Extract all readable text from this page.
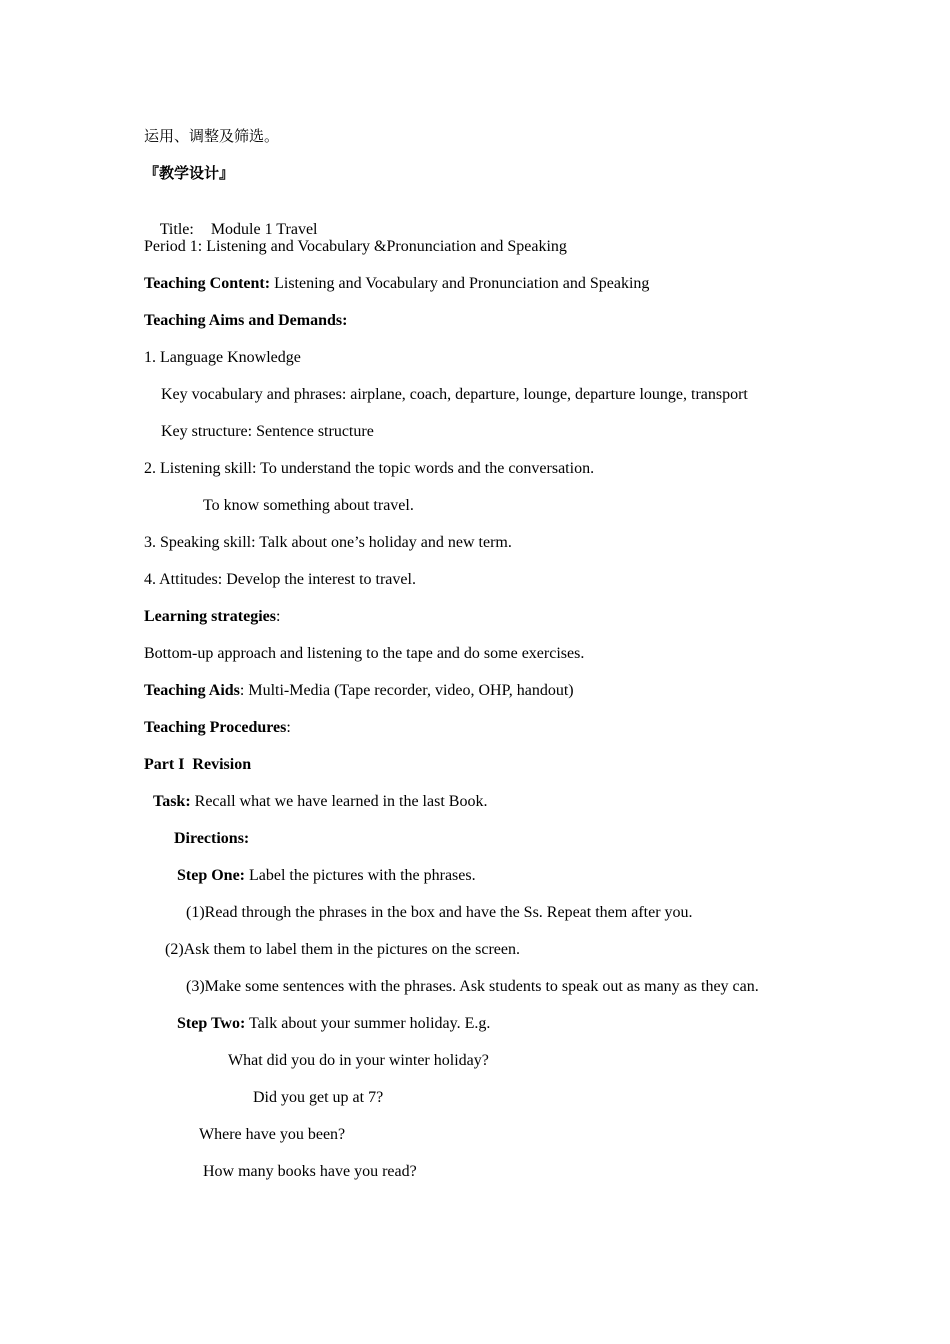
运用、调整及筛选。
『教学设计』

Title: Module 1 Travel

Period 1: Listening and Vocabulary &Pronunciation and Speaking
Teaching Content: Listening and Vocabulary and Pronunciation and Speaking
Teaching Aims and Demands:
1. Language Knowledge
Key vocabulary and phrases: airplane, coach, departure, lounge, departure lounge, transport
Key structure: Sentence structure
2. Listening skill: To understand the topic words and the conversation.
To know something about travel.
3. Speaking skill: Talk about one’s holiday and new term.
4. Attitudes: Develop the interest to travel.
Learning strategies:
Bottom-up approach and listening to the tape and do some exercises.
Teaching Aids: Multi-Media (Tape recorder, video, OHP, handout)
Teaching Procedures:
Part I  Revision
Task: Recall what we have learned in the last Book.
Directions:
Step One: Label the pictures with the phrases.
(1)Read through the phrases in the box and have the Ss. Repeat them after you.
(2)Ask them to label them in the pictures on the screen.
(3)Make some sentences with the phrases. Ask students to speak out as many as they can.
Step Two: Talk about your summer holiday. E.g.
What did you do in your winter holiday?
Did you get up at 7?
Where have you been?
How many books have you read?
